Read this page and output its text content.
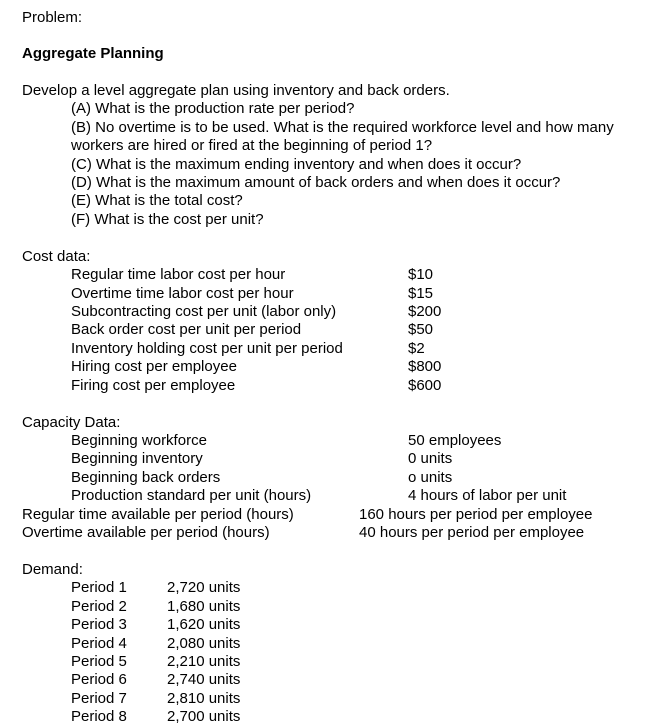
Problem:
Aggregate Planning
Develop a level aggregate plan using inventory and back orders.
(A) What is the production rate per period?
(B) No overtime is to be used. What is the required workforce level and how many workers are hired or fired at the beginning of period 1?
(C) What is the maximum ending inventory and when does it occur?
(D) What is the maximum amount of back orders and when does it occur?
(E) What is the total cost?
(F) What is the cost per unit?
Cost data:
Regular time labor cost per hour	$10
Overtime time labor cost per hour	$15
Subcontracting cost per unit (labor only)	$200
Back order cost per unit per period	$50
Inventory holding cost per unit per period	$2
Hiring cost per employee	$800
Firing cost per employee	$600
Capacity Data:
Beginning workforce	50 employees
Beginning inventory	0 units
Beginning back orders	o units
Production standard per unit (hours)	4 hours of labor per unit
Regular time available per period (hours)	160 hours per period per employee
Overtime available per period (hours)	40 hours per period per employee
Demand:
Period 1	2,720 units
Period 2	1,680 units
Period 3	1,620 units
Period 4	2,080 units
Period 5	2,210 units
Period 6	2,740 units
Period 7	2,810 units
Period 8	2,700 units
